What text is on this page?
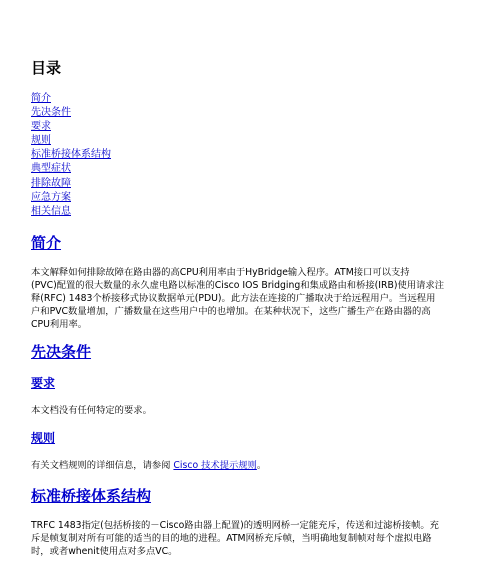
目录
简介
先决条件
要求
规则
标准桥接体系结构
典型症状
排除故障
应急方案
相关信息
简介
本文解释如何排除故障在路由器的高CPU利用率由于HyBridge输入程序。ATM接口可以支持
(PVC)配置的很大数量的永久虚电路以标准的Cisco IOS Bridging和集成路由和桥接(IRB)使用请求注
释(RFC) 1483个桥接移式协议数据单元(PDU)。此方法在连接的广播取决于给远程用户。当远程用
户和PVC数量增加，广播数量在这些用户中的也增加。在某种状况下，这些广播生产在路由器的高
CPU利用率。
先决条件
要求

本文档没有任何特定的要求。

规则

有关文档规则的详细信息，请参阅 Cisco 技术提示规则。

标准桥接体系结构
TRFC 1483指定(包括桥接的－Cisco路由器上配置)的透明网桥一定能充斥，传送和过滤桥接帧。充
斥是帧复制对所有可能的适当的目的地的进程。ATM网桥充斥帧，当明确地复制帧对每个虚拟电路
时，或者whenit使用点对多点VC。
